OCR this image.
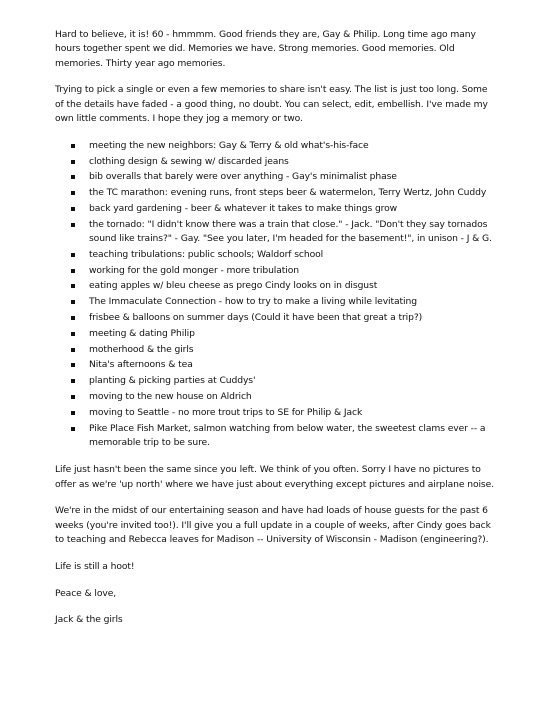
Hard to believe, it is! 60 - hmmmm. Good friends they are, Gay & Philip. Long time ago many hours together spent we did. Memories we have. Strong memories. Good memories. Old memories. Thirty year ago memories.

Trying to pick a single or even a few memories to share isn't easy. The list is just too long. Some of the details have faded - a good thing, no doubt. You can select, edit, embellish. I've made my own little comments. I hope they jog a memory or two.

meeting the new neighbors: Gay & Terry & old what's-his-face
clothing design & sewing w/ discarded jeans
bib overalls that barely were over anything - Gay's minimalist phase
the TC marathon: evening runs, front steps beer & watermelon, Terry Wertz, John Cuddy
back yard gardening - beer & whatever it takes to make things grow
the tornado: "I didn't know there was a train that close." - Jack. "Don't they say tornados sound like trains?" - Gay. "See you later, I'm headed for the basement!", in unison - J & G.
teaching tribulations: public schools; Waldorf school
working for the gold monger - more tribulation
eating apples w/ bleu cheese as prego Cindy looks on in disgust
The Immaculate Connection - how to try to make a living while levitating
frisbee & balloons on summer days (Could it have been that great a trip?)
meeting & dating Philip
motherhood & the girls
Nita's afternoons & tea
planting & picking parties at Cuddys'
moving to the new house on Aldrich
moving to Seattle - no more trout trips to SE for Philip & Jack
Pike Place Fish Market, salmon watching from below water, the sweetest clams ever -- a memorable trip to be sure.

Life just hasn't been the same since you left. We think of you often. Sorry I have no pictures to offer as we're 'up north' where we have just about everything except pictures and airplane noise.

We're in the midst of our entertaining season and have had loads of house guests for the past 6 weeks (you're invited too!). I'll give you a full update in a couple of weeks, after Cindy goes back to teaching and Rebecca leaves for Madison -- University of Wisconsin - Madison (engineering?).

Life is still a hoot!

Peace & love,

Jack & the girls
